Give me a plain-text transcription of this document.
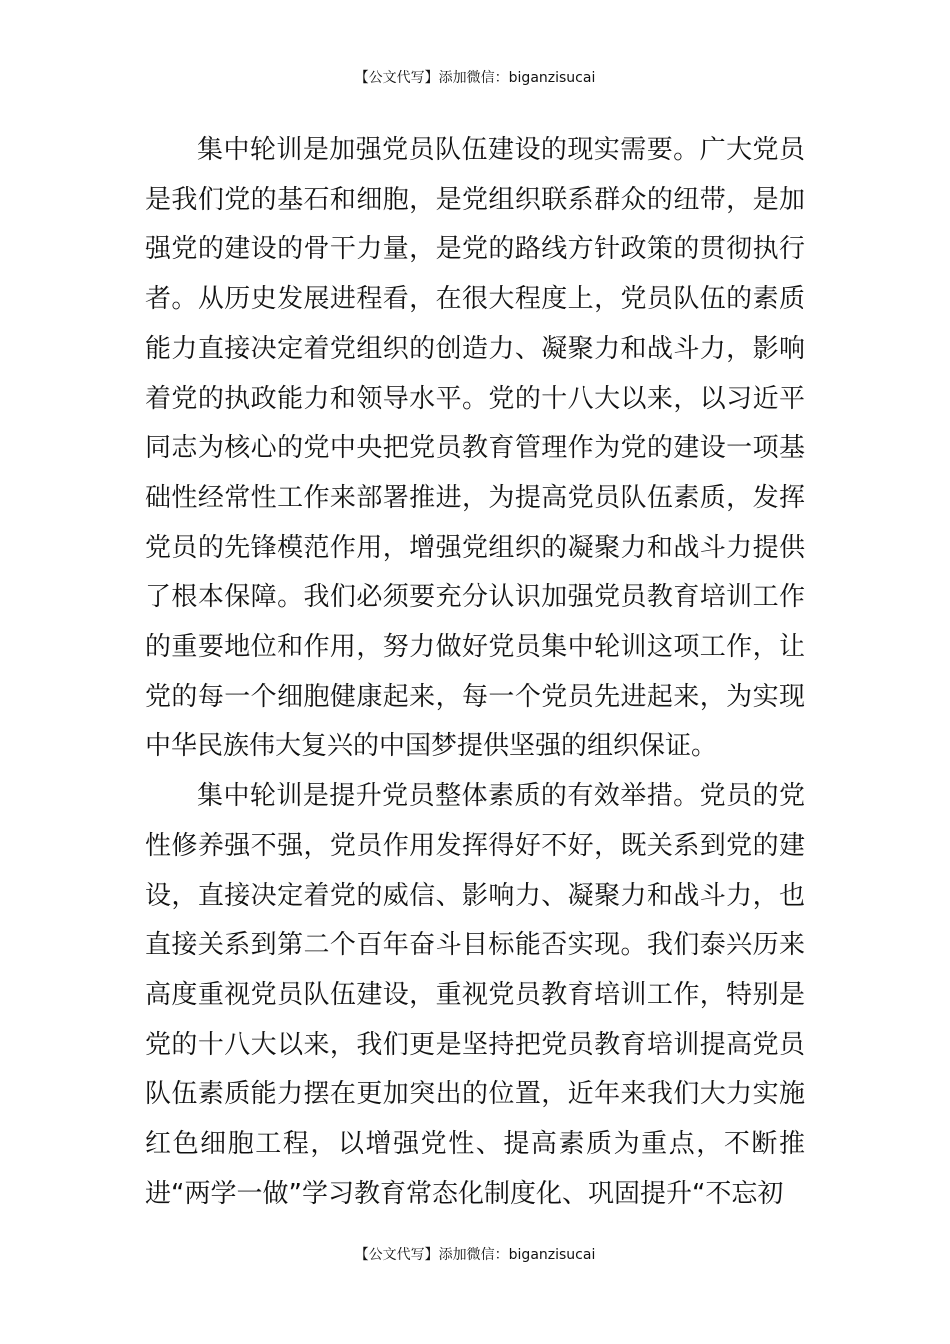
【公文代写】添加微信：biganzisucai

集中轮训是加强党员队伍建设的现实需要。广大党员是我们党的基石和细胞，是党组织联系群众的纽带，是加强党的建设的骨干力量，是党的路线方针政策的贯彻执行者。从历史发展进程看，在很大程度上，党员队伍的素质能力直接决定着党组织的创造力、凝聚力和战斗力，影响着党的执政能力和领导水平。党的十八大以来，以习近平同志为核心的党中央把党员教育管理作为党的建设一项基础性经常性工作来部署推进，为提高党员队伍素质，发挥党员的先锋模范作用，增强党组织的凝聚力和战斗力提供了根本保障。我们必须要充分认识加强党员教育培训工作的重要地位和作用，努力做好党员集中轮训这项工作，让党的每一个细胞健康起来，每一个党员先进起来，为实现中华民族伟大复兴的中国梦提供坚强的组织保证。

集中轮训是提升党员整体素质的有效举措。党员的党性修养强不强，党员作用发挥得好不好，既关系到党的建设，直接决定着党的威信、影响力、凝聚力和战斗力，也直接关系到第二个百年奋斗目标能否实现。我们泰兴历来高度重视党员队伍建设，重视党员教育培训工作，特别是党的十八大以来，我们更是坚持把党员教育培训提高党员队伍素质能力摆在更加突出的位置，近年来我们大力实施红色细胞工程，以增强党性、提高素质为重点，不断推进“两学一做”学习教育常态化制度化、巩固提升“不忘初

【公文代写】添加微信：biganzisucai
